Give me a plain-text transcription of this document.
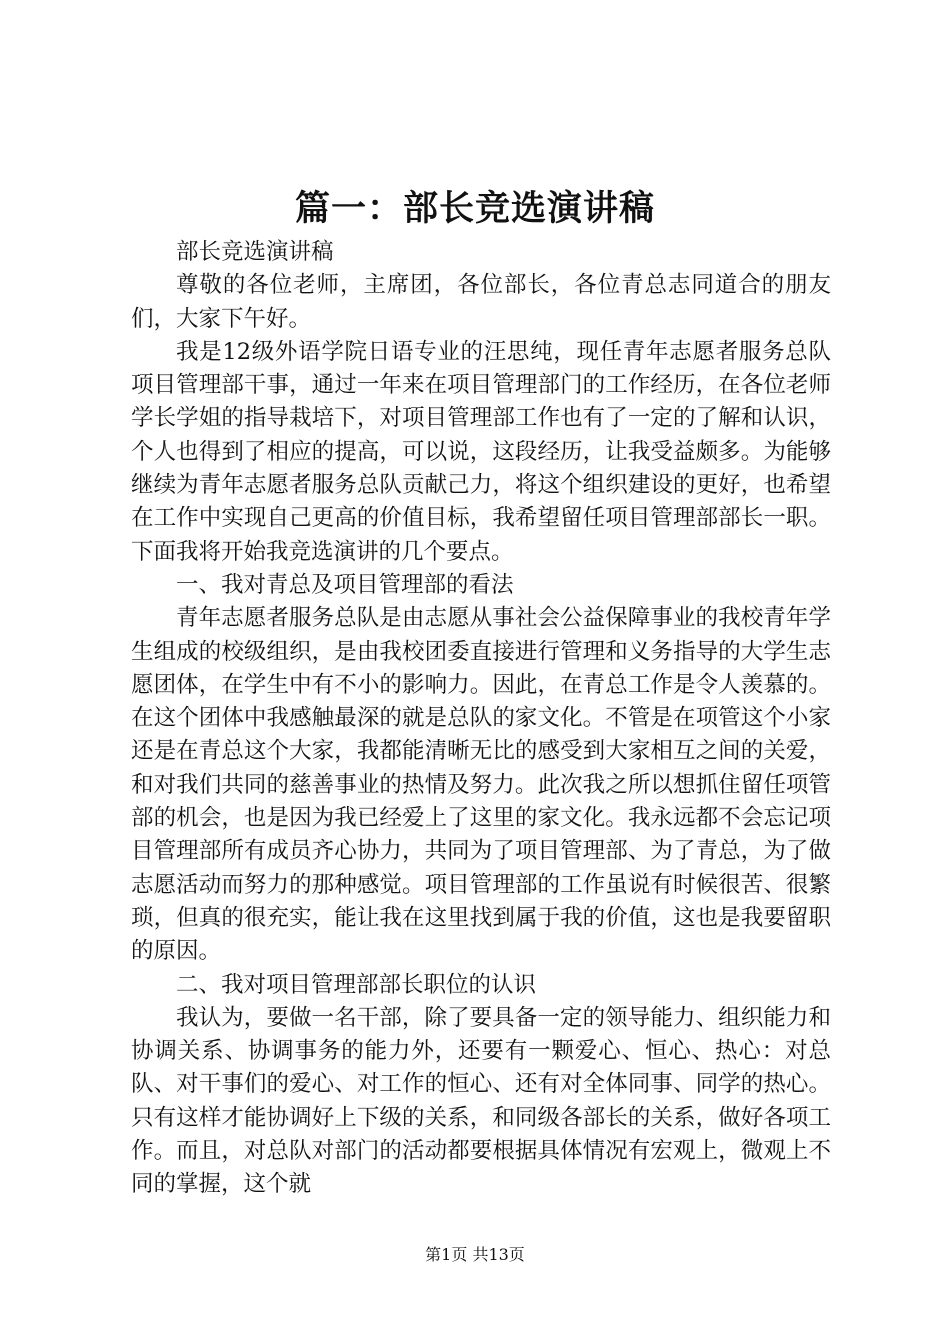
篇一：部长竞选演讲稿

部长竞选演讲稿

尊敬的各位老师，主席团，各位部长，各位青总志同道合的朋友们，大家下午好。

我是12级外语学院日语专业的汪思纯，现任青年志愿者服务总队项目管理部干事，通过一年来在项目管理部门的工作经历，在各位老师学长学姐的指导栽培下，对项目管理部工作也有了一定的了解和认识，个人也得到了相应的提高，可以说，这段经历，让我受益颇多。为能够继续为青年志愿者服务总队贡献己力，将这个组织建设的更好，也希望在工作中实现自己更高的价值目标，我希望留任项目管理部部长一职。下面我将开始我竞选演讲的几个要点。

一、我对青总及项目管理部的看法

青年志愿者服务总队是由志愿从事社会公益保障事业的我校青年学生组成的校级组织，是由我校团委直接进行管理和义务指导的大学生志愿团体，在学生中有不小的影响力。因此，在青总工作是令人羡慕的。在这个团体中我感触最深的就是总队的家文化。不管是在项管这个小家还是在青总这个大家，我都能清晰无比的感受到大家相互之间的关爱，和对我们共同的慈善事业的热情及努力。此次我之所以想抓住留任项管部的机会，也是因为我已经爱上了这里的家文化。我永远都不会忘记项目管理部所有成员齐心协力，共同为了项目管理部、为了青总，为了做志愿活动而努力的那种感觉。项目管理部的工作虽说有时候很苦、很繁琐，但真的很充实，能让我在这里找到属于我的价值，这也是我要留职的原因。

二、我对项目管理部部长职位的认识

我认为，要做一名干部，除了要具备一定的领导能力、组织能力和协调关系、协调事务的能力外，还要有一颗爱心、恒心、热心：对总队、对干事们的爱心、对工作的恒心、还有对全体同事、同学的热心。只有这样才能协调好上下级的关系，和同级各部长的关系，做好各项工作。而且，对总队对部门的活动都要根据具体情况有宏观上，微观上不同的掌握，这个就

第1页 共13页
